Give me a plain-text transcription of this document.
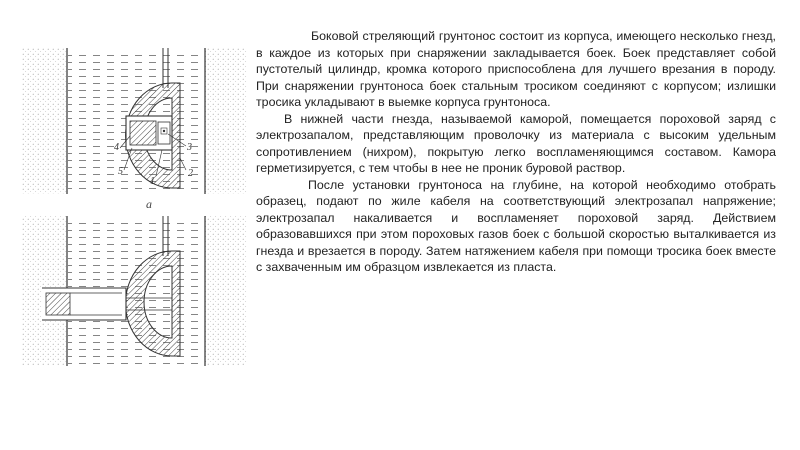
4
5
1
2
3
а

Боковой стреляющий грунтонос состоит из корпуса, имеющего несколько гнезд, в каждое из которых при снаряжении закладывается боек. Боек представляет собой пустотелый цилиндр, кромка которого приспособлена для лучшего врезания в породу. При снаряжении грунтоноса боек стальным тросиком соединяют с корпусом; излишки тросика укладывают в выемке корпуса грунтоноса.

В нижней части гнезда, называемой каморой, помещается пороховой заряд с электрозапалом, представляющим проволочку из материала с высоким удельным сопротивлением (нихром), покрытую легко воспламеняющимся составом. Камора герметизируется, с тем чтобы в нее не проник буровой раствор.

После установки грунтоноса на глубине, на которой необходимо отобрать образец, подают по жиле кабеля на соответствующий электрозапал напряжение; электрозапал накаливается и воспламеняет пороховой заряд. Действием образовавшихся при этом пороховых газов боек с большой скоростью выталкивается из гнезда и врезается в породу. Затем натяжением кабеля при помощи тросика боек вместе с захваченным им образцом извлекается из пласта.
